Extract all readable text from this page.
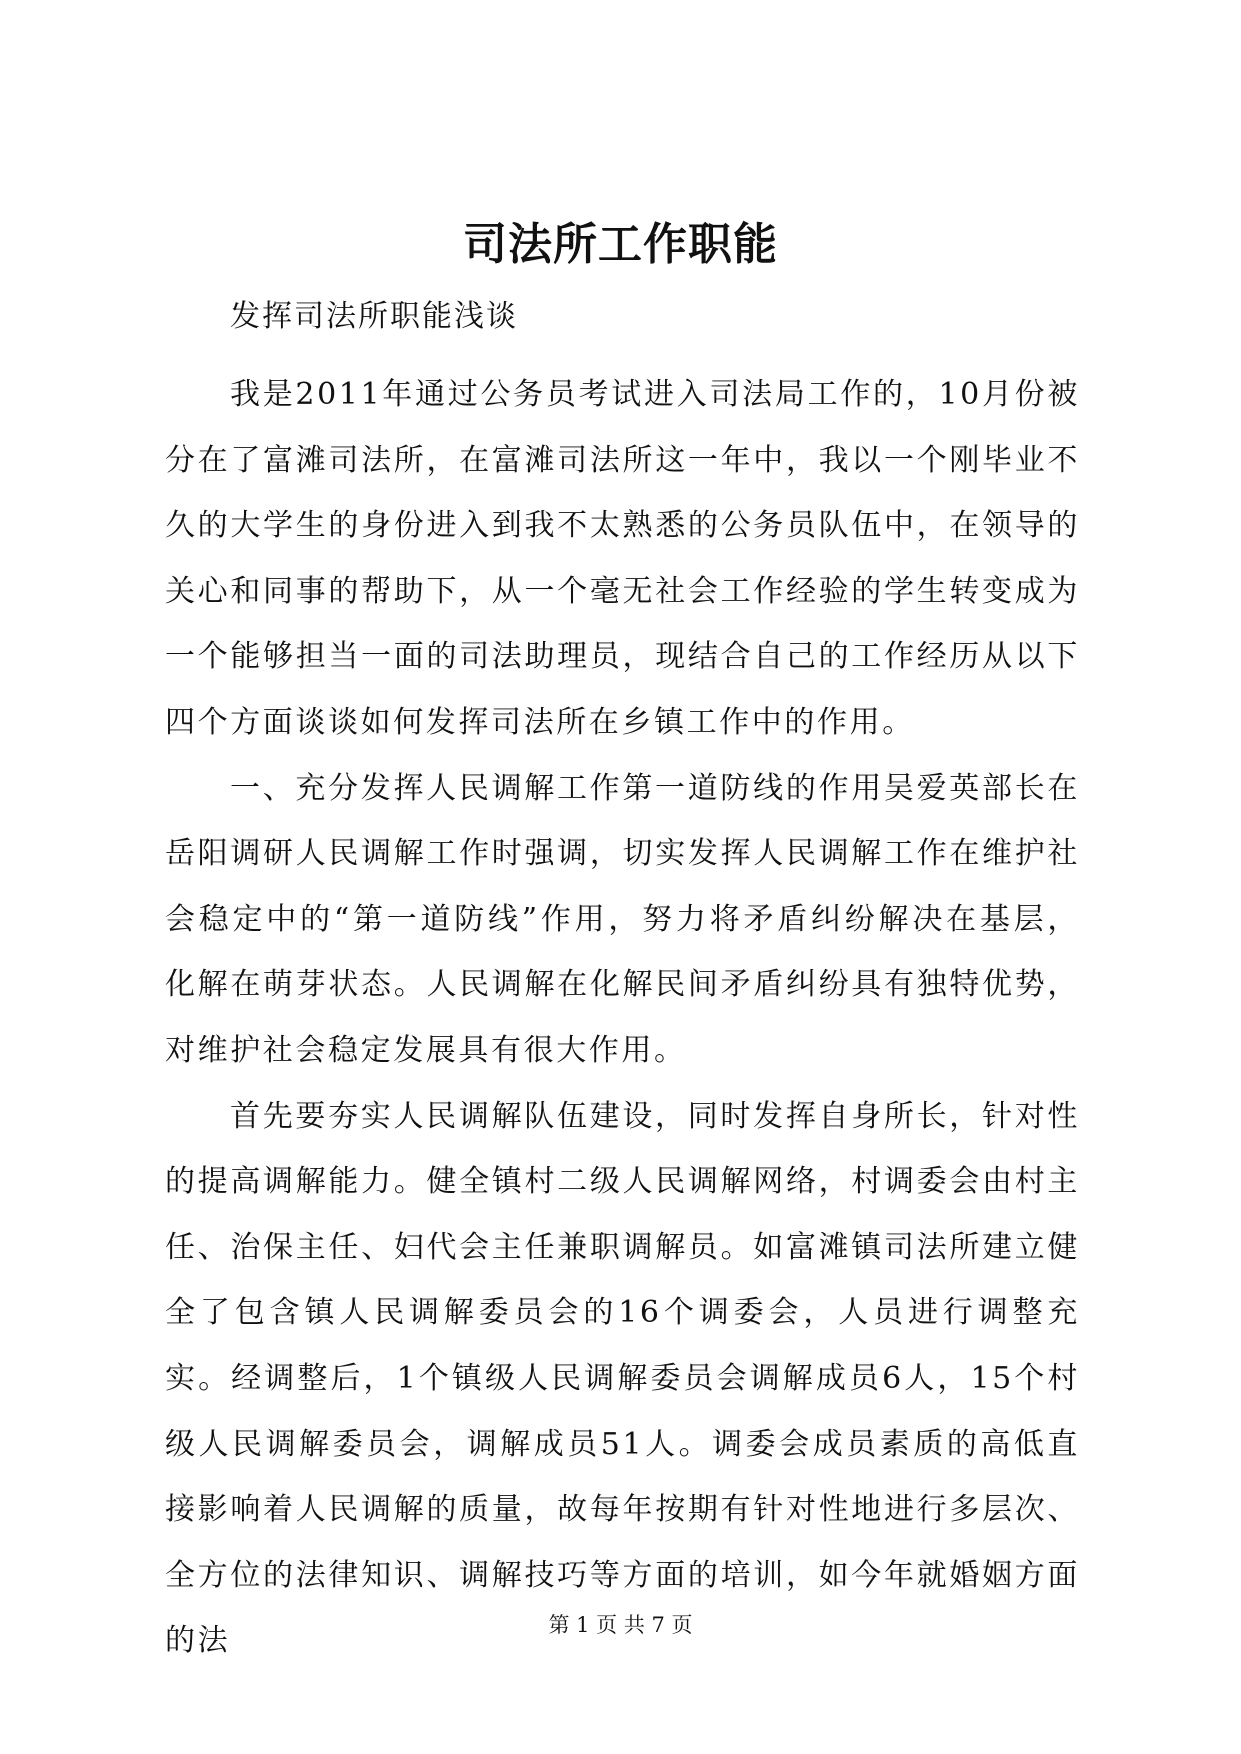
司法所工作职能

发挥司法所职能浅谈

我是2011年通过公务员考试进入司法局工作的，10月份被分在了富滩司法所，在富滩司法所这一年中，我以一个刚毕业不久的大学生的身份进入到我不太熟悉的公务员队伍中，在领导的关心和同事的帮助下，从一个毫无社会工作经验的学生转变成为一个能够担当一面的司法助理员，现结合自己的工作经历从以下四个方面谈谈如何发挥司法所在乡镇工作中的作用。

一、充分发挥人民调解工作第一道防线的作用吴爱英部长在岳阳调研人民调解工作时强调，切实发挥人民调解工作在维护社会稳定中的“第一道防线”作用，努力将矛盾纠纷解决在基层，化解在萌芽状态。人民调解在化解民间矛盾纠纷具有独特优势，对维护社会稳定发展具有很大作用。

首先要夯实人民调解队伍建设，同时发挥自身所长，针对性的提高调解能力。健全镇村二级人民调解网络，村调委会由村主任、治保主任、妇代会主任兼职调解员。如富滩镇司法所建立健全了包含镇人民调解委员会的16个调委会，人员进行调整充实。经调整后，1个镇级人民调解委员会调解成员6人，15个村级人民调解委员会，调解成员51人。调委会成员素质的高低直接影响着人民调解的质量，故每年按期有针对性地进行多层次、全方位的法律知识、调解技巧等方面的培训，如今年就婚姻方面的法	第 1 页 共 7 页
